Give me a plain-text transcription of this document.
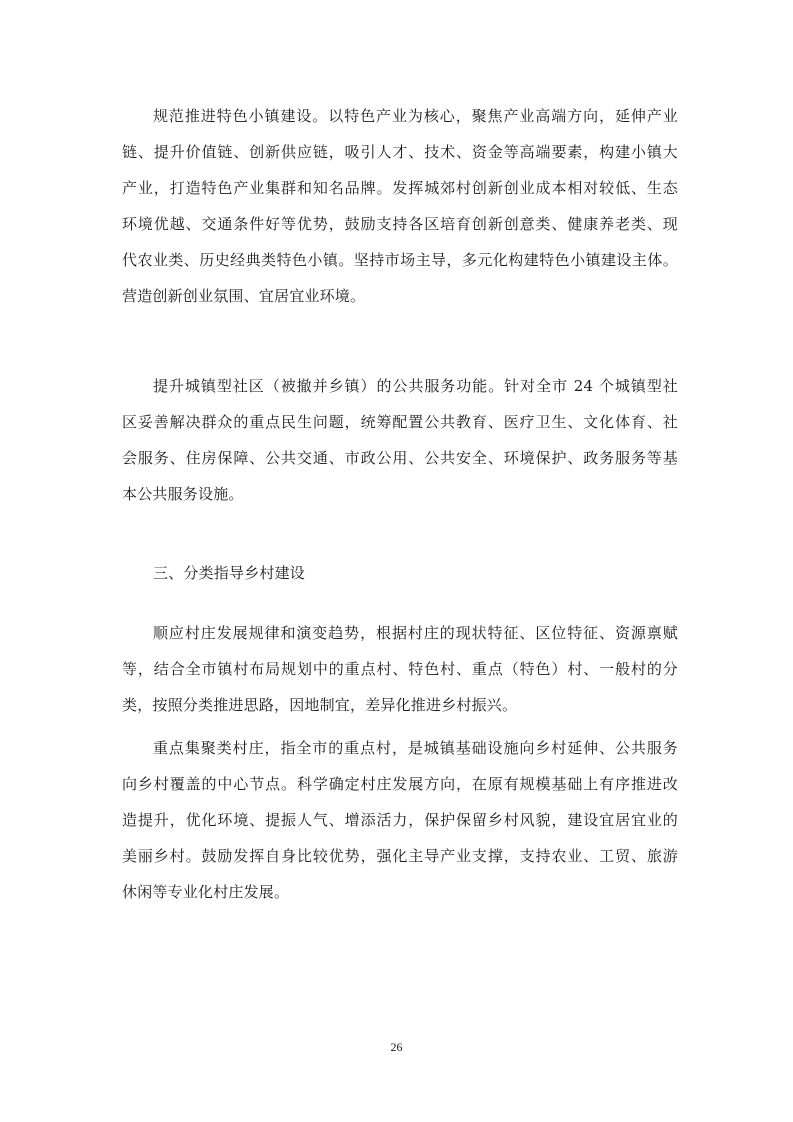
规范推进特色小镇建设。以特色产业为核心，聚焦产业高端方向，延伸产业
链、提升价值链、创新供应链，吸引人才、技术、资金等高端要素，构建小镇大
产业，打造特色产业集群和知名品牌。发挥城郊村创新创业成本相对较低、生态
环境优越、交通条件好等优势，鼓励支持各区培育创新创意类、健康养老类、现
代农业类、历史经典类特色小镇。坚持市场主导，多元化构建特色小镇建设主体。
营造创新创业氛围、宜居宜业环境。
提升城镇型社区（被撤并乡镇）的公共服务功能。针对全市 24 个城镇型社
区妥善解决群众的重点民生问题，统筹配置公共教育、医疗卫生、文化体育、社
会服务、住房保障、公共交通、市政公用、公共安全、环境保护、政务服务等基
本公共服务设施。
三、分类指导乡村建设
顺应村庄发展规律和演变趋势，根据村庄的现状特征、区位特征、资源禀赋
等，结合全市镇村布局规划中的重点村、特色村、重点（特色）村、一般村的分
类，按照分类推进思路，因地制宜，差异化推进乡村振兴。
重点集聚类村庄，指全市的重点村，是城镇基础设施向乡村延伸、公共服务
向乡村覆盖的中心节点。科学确定村庄发展方向，在原有规模基础上有序推进改
造提升，优化环境、提振人气、增添活力，保护保留乡村风貌，建设宜居宜业的
美丽乡村。鼓励发挥自身比较优势，强化主导产业支撑，支持农业、工贸、旅游
休闲等专业化村庄发展。
26
